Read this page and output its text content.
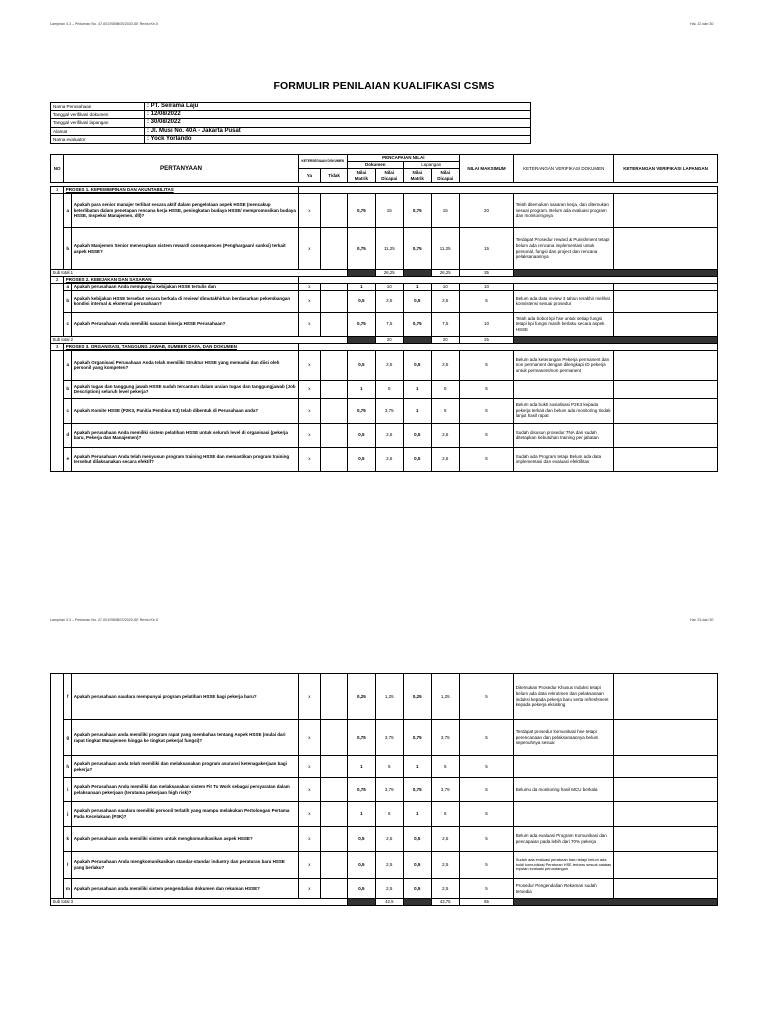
Lampiran 3.3 – Pedoman No. 47-001/SB0B0S/2020-SE Revisi Ke-0	Hal. 22 dari 30
FORMULIR PENILAIAN KUALIFIKASI CSMS
Nama Perusahaan	: PT. Seirama Laju
Tanggal verifikasi dokumen	: 12/08/2022
Tanggal verifikasi lapangan	: 30/08/2022
Alamat	: Jl. Musi No. 40A - Jakarta Pusat
Nama evaluator	: Yock Yorlando
NO	PERTANYAAN		KETERSEDIAAN DOKUMEN		PENCAPAIAN NILAI				NILAI MAKSIMUM	KETERANGAN VERIFIKASI DOKUMEN	KETERANGAN VERIFIKASI LAPANGAN
					Dokumen		Lapangan				
			Ya	Tidak	Nilai Matrik	Nilai Dicapai	Nilai Matrik	Nilai Dicapai			

1	PROSES 1. KEPEMIMPINAN DAN AKUNTABILITAS										
	a	Apakah para senior manajer terlibat secara aktif dalam pengelolaan aspek HSSE (mencakup keterlibatan dalam penetapan rencana kerja HSSE, peningkatan budaya HSSE/ mempromosikan budaya HSSE, Inspeksi Manajemen, dll)?	x		0,75	15	0,75	15	20	Telah ditemukan sasaran kerja, dan ditemukan sesuai program. Belum ada evaluasi program dan monitoringnya	
	b	Apakah Manjemen Senior menerapkan sistem reward/ consequences (Penghargaan/ sanksi) terkait aspek HSSE?	x		0,75	11,25	0,75	11,25	15	Terdapat Prosedur reward & Punishment tetapi belum ada rencana implementasi untuk personal, fungsi dan project dan rencana pelaksanaannya	
Sub total 1						26,25		26,25	35		
2	PROSES 2. KEBIJAKAN DAN SASARAN										
	a	Apakah perusahaan Anda mempunyai kebijakan HSSE tertulis dan	x		1	10	1	10	10		
	b	Apakah kebijakan HSSE tersebut secara berkala di review/ dimutakhirkan berdasarkan pekembangan kondisi internal & eksternal perusahaan?	x		0,5	2,5	0,5	2,5	5	Belum ada data review 3 tahun terakhir melihat konsistensi sesuai prosedur	
	c	Apakah Perusahaan Anda memiliki sasaran kinerja HSSE Perusahaan?	x		0,75	7,5	0,75	7,5	10	Telah ada bobot kpi hse untuk setiap fungsi tetapi kpi fungsi masih berlaku secara aspek HSSE	
Sub total 2						20		20	25		
3	PROSES 3. ORGANISASI, TANGGUNG JAWAB, SUMBER DAYA, DAN DOKUMEN										
	a	Apakah Organisasi Perusahaan Anda telah memiliki Struktur HSSE yang memadai dan diisi oleh personil yang kompeten?	x		0,5	2,5	0,5	2,5	5	Belum ada keterangan Pekerja permanent dan non permanent dengan dilengkapi ID pekerja untuk permanent/non permanent	
	b	Apakah tugas dan tanggung jawab HSSE sudah tercantum dalam uraian tugas dan tanggungjawab (Job Description) seluruh level pekerja?	x		1	5	1	5	5		
	c	Apakah Komite HSSE (P2K3, Panitia Pembina K3) telah dibentuk di Perusahaan anda?	x		0,75	3,75	1	5	5	Belum ada bukti sosialisasi P2K3 kepada pekerja terkait dan belum ada monitoring tindak lanjut hasil rapat	
	d	Apakah perusahaan Anda memiliki sistem pelatihan HSSE untuk seluruh level di organisasi (pekerja baru, Pekerja dan Manajemen)?	x		0,5	2,5	0,5	2,5	5	Sudah disusun prosedur TNA dan sudah ditetapkan kebutuhan training per jabatan	
	e	Apakah Perusahaan Anda telah menyusun program training HSSE dan memastikan program training tersebut dilaksanakan secara efektif?	x		0,5	2,5	0,5	2,5	5	Sudah ada Program tetapi Belum ada data implementasi dan evaluasi efektifitas	
Lampiran 3.3 – Pedoman No. 47-001/SB0B0S/2020-SE Revisi Ke-0	Hal. 23 dari 30
	f	Apakah perusahaan saudara mempunyai program pelatihan HSSE bagi pekerja baru?	x		0,25	1,25	0,25	1,25	5	Ditemukan Prosedur Khusus Induksi tetapi belum ada data rekrutmen dan pelaksanaan induksi kepada pekerja baru serta refreshment kepada pekerja eksisting	
	g	Apakah perusahaan anda memiliki program rapat yang membahas tentang Aspek HSSE (mulai dari rapat tingkat Manajemen hingga ke tingkat pekerja/ fungsi)?	x		0,75	3,75	0,75	3,75	5	Terdapat prosedur komunikasi hse tetapi perencanaan dan pelaksanaannya belum sepenuhnya sesuai	
	h	Apakah perusahaan anda telah memiliki dan melaksanakan program asuransi ketenagakerjaan bagi pekerja?	x		1	5	1	5	5		
	i	Apakah Perusahaan Anda memiliki dan melaksanakan sistem Fit To Work sebagai persyaratan dalam pelaksanaan pekerjaan (terutama pekerjaan high risk)?	x		0,75	3,75	0,75	3,75	5	Belumu da monitoring hasil MCU berkala	
	j	Apakah perusahaan saudara memiliki personil terlatih yang mampu melakukan Pertolongan Pertama Pada Kecelakaan (P3K)?	x		1	5	1	5	5		
	k	Apakah perusahaan anda memiliki sistem untuk mengkomunikasikan aspek HSSE?	x		0,5	2,5	0,5	2,5	5	Belum ada evaluasi Program Komunikasi dan pencapaian pada lebih dari 70% pekerja	
	l	Apakah Perusahaan Anda mengkomunikasikan standar-standar industry dan peraturan baru HSSE yang berlaku?	x		0,5	2,5	0,5	2,5	5	Sudah ada evaluasi peraturan baru tetapi belum ada bukti komunikasi Peraturan HSE terbaru sesuai catatan inputan evaluasi perundangan	
	m	Apakah perusahaan anda memiliki sistem pengendalian dokumen dan rekaman HSSE?	x		0,5	2,5	0,5	2,5	5	Prosedur Pengendalian Rekaman sudah tersedia	
Sub total 3						42,5		43,75	65		
